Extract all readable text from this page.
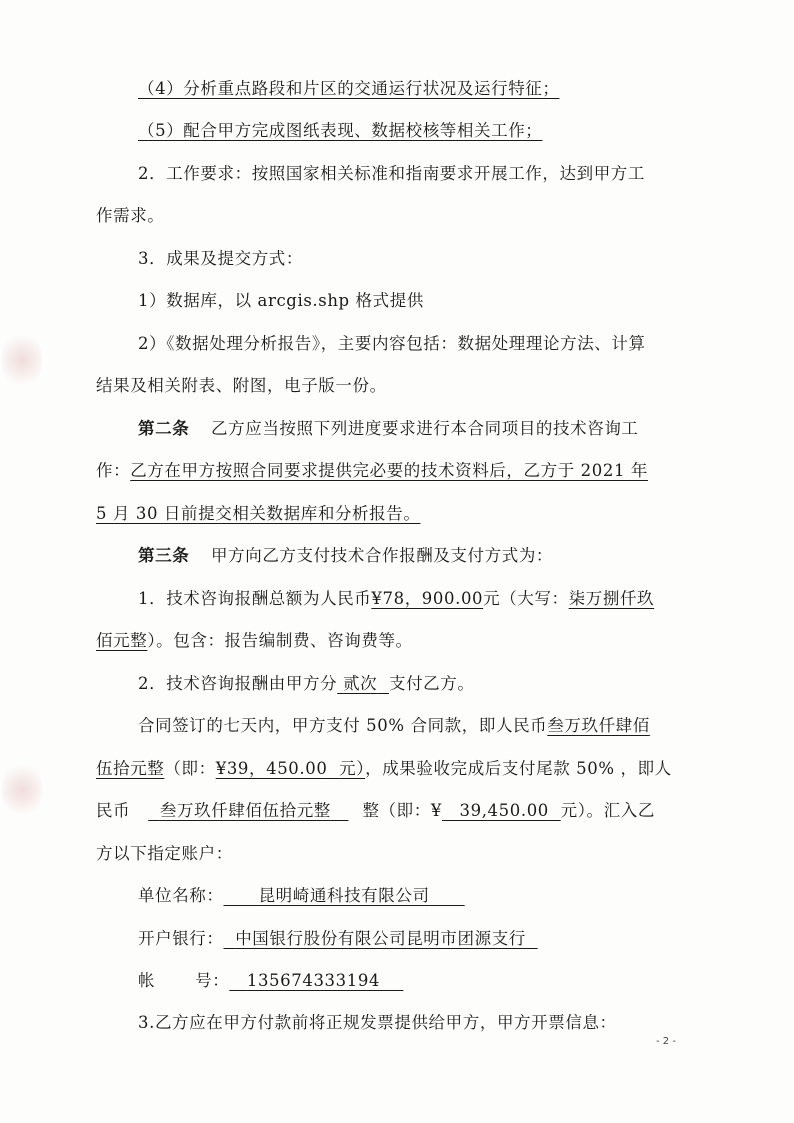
（4）分析重点路段和片区的交通运行状况及运行特征；
（5）配合甲方完成图纸表现、数据校核等相关工作；
2．工作要求：按照国家相关标准和指南要求开展工作，达到甲方工
作需求。
3．成果及提交方式：
1）数据库，以 arcgis.shp 格式提供
2）《数据处理分析报告》，主要内容包括：数据处理理论方法、计算
结果及相关附表、附图，电子版一份。
第二条 乙方应当按照下列进度要求进行本合同项目的技术咨询工
作：乙方在甲方按照合同要求提供完必要的技术资料后，乙方于 2021 年
5 月 30 日前提交相关数据库和分析报告。
第三条 甲方向乙方支付技术合作报酬及支付方式为：
1．技术咨询报酬总额为人民币¥78，900.00元（大写：柒万捌仟玖
佰元整）。包含：报告编制费、咨询费等。
2．技术咨询报酬由甲方分 贰次 支付乙方。
合同签订的七天内，甲方支付 50% 合同款，即人民币叁万玖仟肆佰
伍拾元整（即：¥39，450.00 元），成果验收完成后支付尾款 50% ，即人
民币 叁万玖仟肆佰伍拾元整 整（即：¥ 39,450.00 元）。汇入乙
方以下指定账户：
单位名称： 昆明崎通科技有限公司
开户银行： 中国银行股份有限公司昆明市团源支行
帐 号： 135674333194
3.乙方应在甲方付款前将正规发票提供给甲方，甲方开票信息：
- 2 -
